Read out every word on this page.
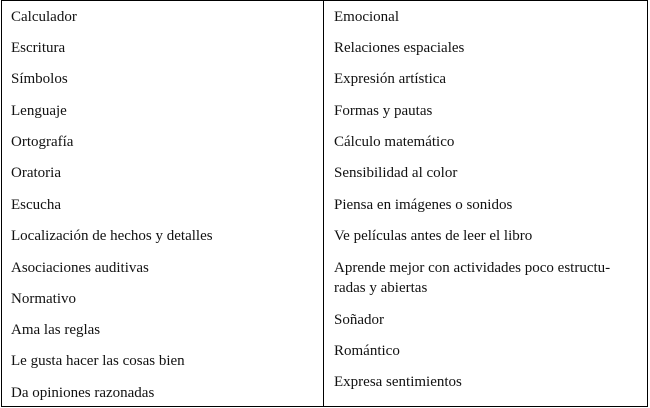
Calculador
Escritura
Símbolos
Lenguaje
Ortografía
Oratoria
Escucha
Localización de hechos y detalles
Asociaciones auditivas
Normativo
Ama las reglas
Le gusta hacer las cosas bien
Da opiniones razonadas
Emocional
Relaciones espaciales
Expresión artística
Formas y pautas
Cálculo matemático
Sensibilidad al color
Piensa en imágenes o sonidos
Ve películas antes de leer el libro
Aprende mejor con actividades poco estructu-radas y abiertas
Soñador
Romántico
Expresa sentimientos
